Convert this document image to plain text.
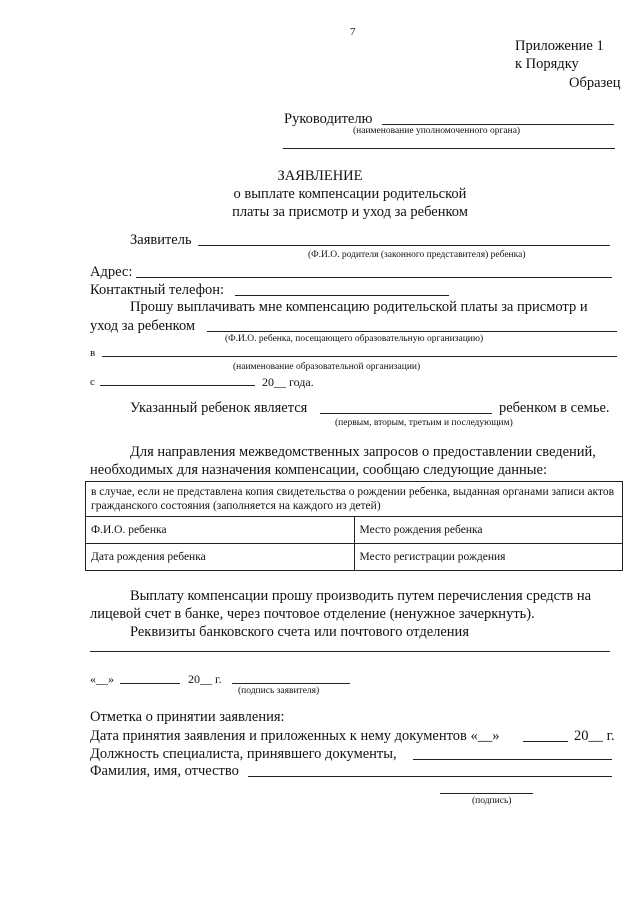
7
Приложение 1
к Порядку
Образец
Руководителю
(наименование уполномоченного органа)
ЗАЯВЛЕНИЕ
о выплате компенсации родительской
платы за присмотр и уход за ребенком
Заявитель
(Ф.И.О. родителя (законного представителя) ребенка)
Адрес:
Контактный телефон:
Прошу выплачивать мне компенсацию родительской платы за присмотр и
уход за ребенком
(Ф.И.О. ребенка, посещающего образовательную организацию)
в
(наименование образовательной организации)
с	20__ года.
Указанный ребенок является	ребенком в семье.
(первым, вторым, третьим и последующим)
Для направления межведомственных запросов о предоставлении сведений,
необходимых для назначения компенсации, сообщаю следующие данные:
в случае, если не представлена копия свидетельства о рождении ребенка, выданная органами записи актов гражданского состояния (заполняется на каждого из детей)	
Ф.И.О. ребенка	Место рождения ребенка
Дата рождения ребенка	Место регистрации рождения
Выплату компенсации прошу производить путем перечисления средств на
лицевой счет в банке, через почтовое отделение (ненужное зачеркнуть).
Реквизиты банковского счета или почтового отделения
«__»	20__ г.
(подпись заявителя)
Отметка о принятии заявления:
Дата принятия заявления и приложенных к нему документов «__»	20__ г.
Должность специалиста, принявшего документы,
Фамилия, имя, отчество
(подпись)
